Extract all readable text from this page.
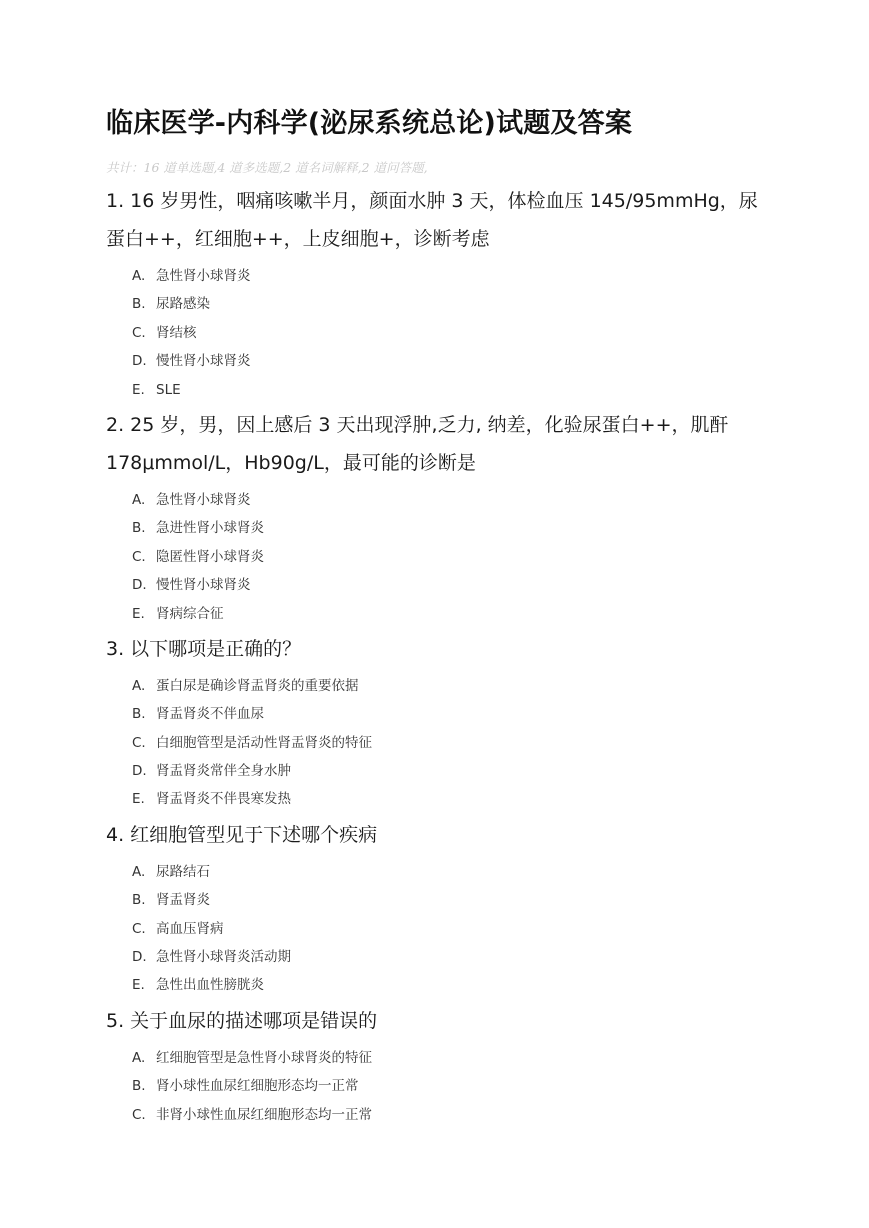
临床医学-内科学(泌尿系统总论)试题及答案
共计：16 道单选题,4 道多选题,2 道名词解释,2 道问答题,

1. 16 岁男性，咽痛咳嗽半月，颜面水肿 3 天，体检血压 145/95mmHg，尿蛋白++，红细胞++，上皮细胞+，诊断考虑

A. 急性肾小球肾炎
B. 尿路感染
C. 肾结核
D. 慢性肾小球肾炎
E. SLE

2. 25 岁，男，因上感后 3 天出现浮肿,乏力, 纳差，化验尿蛋白++，肌酐 178μmmol/L，Hb90g/L，最可能的诊断是

A. 急性肾小球肾炎
B. 急进性肾小球肾炎
C. 隐匿性肾小球肾炎
D. 慢性肾小球肾炎
E. 肾病综合征

3. 以下哪项是正确的？

A. 蛋白尿是确诊肾盂肾炎的重要依据
B. 肾盂肾炎不伴血尿
C. 白细胞管型是活动性肾盂肾炎的特征
D. 肾盂肾炎常伴全身水肿
E. 肾盂肾炎不伴畏寒发热

4. 红细胞管型见于下述哪个疾病

A. 尿路结石
B. 肾盂肾炎
C. 高血压肾病
D. 急性肾小球肾炎活动期
E. 急性出血性膀胱炎

5. 关于血尿的描述哪项是错误的

A. 红细胞管型是急性肾小球肾炎的特征
B. 肾小球性血尿红细胞形态均一正常
C. 非肾小球性血尿红细胞形态均一正常
